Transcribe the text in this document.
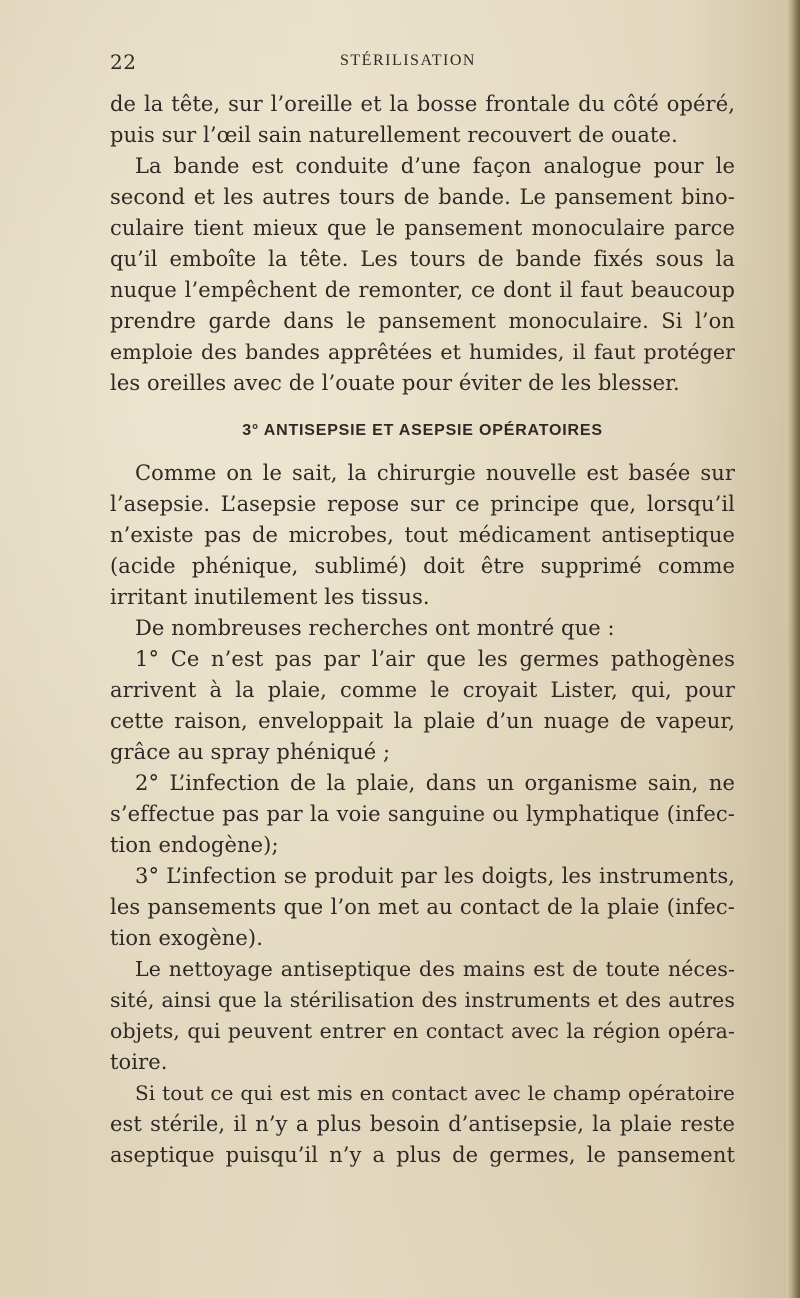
22	STÉRILISATION
de la tête, sur l’oreille et la bosse frontale du côté opéré,
puis sur l’œil sain naturellement recouvert de ouate.
La bande est conduite d’une façon analogue pour le
second et les autres tours de bande. Le pansement bino-
culaire tient mieux que le pansement monoculaire parce
qu’il emboîte la tête. Les tours de bande fixés sous la
nuque l’empêchent de remonter, ce dont il faut beaucoup
prendre garde dans le pansement monoculaire. Si l’on
emploie des bandes apprêtées et humides, il faut protéger
les oreilles avec de l’ouate pour éviter de les blesser.
3° ANTISEPSIE ET ASEPSIE OPÉRATOIRES
Comme on le sait, la chirurgie nouvelle est basée sur
l’asepsie. L’asepsie repose sur ce principe que, lorsqu’il
n’existe pas de microbes, tout médicament antiseptique
(acide phénique, sublimé) doit être supprimé comme
irritant inutilement les tissus.
De nombreuses recherches ont montré que :
1° Ce n’est pas par l’air que les germes pathogènes
arrivent à la plaie, comme le croyait Lister, qui, pour
cette raison, enveloppait la plaie d’un nuage de vapeur,
grâce au spray phéniqué ;
2° L’infection de la plaie, dans un organisme sain, ne
s’effectue pas par la voie sanguine ou lymphatique (infec-
tion endogène);
3° L’infection se produit par les doigts, les instruments,
les pansements que l’on met au contact de la plaie (infec-
tion exogène).
Le nettoyage antiseptique des mains est de toute néces-
sité, ainsi que la stérilisation des instruments et des autres
objets, qui peuvent entrer en contact avec la région opéra-
toire.
Si tout ce qui est mis en contact avec le champ opératoire
est stérile, il n’y a plus besoin d’antisepsie, la plaie reste
aseptique puisqu’il n’y a plus de germes, le pansement
